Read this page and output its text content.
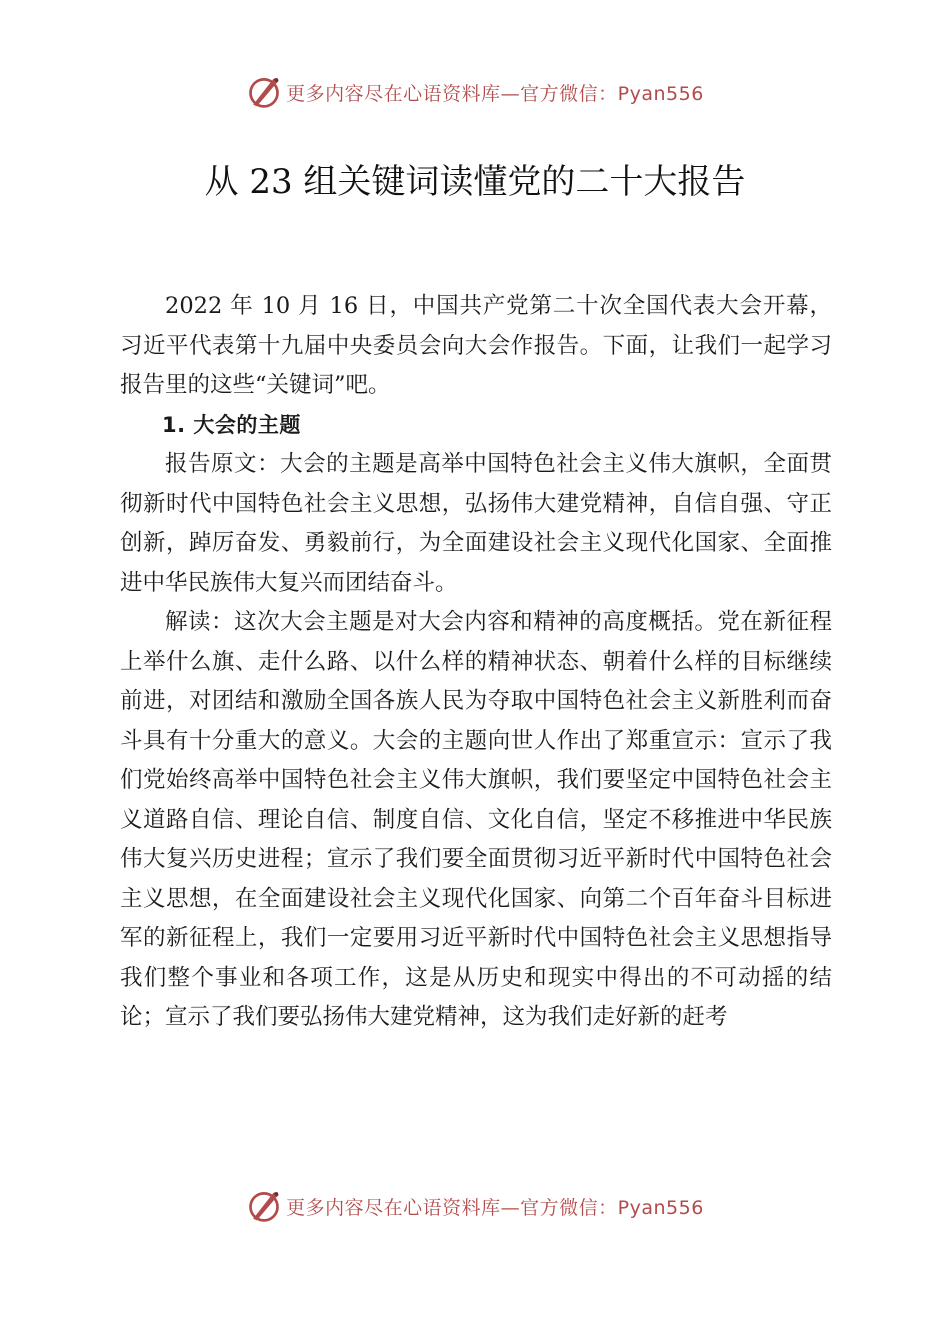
更多内容尽在心语资料库—官方微信：Pyan556
从 23 组关键词读懂党的二十大报告

2022 年 10 月 16 日，中国共产党第二十次全国代表大会开幕，习近平代表第十九届中央委员会向大会作报告。下面，让我们一起学习报告里的这些“关键词”吧。

1. 大会的主题

报告原文：大会的主题是高举中国特色社会主义伟大旗帜，全面贯彻新时代中国特色社会主义思想，弘扬伟大建党精神，自信自强、守正创新，踔厉奋发、勇毅前行，为全面建设社会主义现代化国家、全面推进中华民族伟大复兴而团结奋斗。

解读：这次大会主题是对大会内容和精神的高度概括。党在新征程上举什么旗、走什么路、以什么样的精神状态、朝着什么样的目标继续前进，对团结和激励全国各族人民为夺取中国特色社会主义新胜利而奋斗具有十分重大的意义。大会的主题向世人作出了郑重宣示：宣示了我们党始终高举中国特色社会主义伟大旗帜，我们要坚定中国特色社会主义道路自信、理论自信、制度自信、文化自信，坚定不移推进中华民族伟大复兴历史进程；宣示了我们要全面贯彻习近平新时代中国特色社会主义思想，在全面建设社会主义现代化国家、向第二个百年奋斗目标进军的新征程上，我们一定要用习近平新时代中国特色社会主义思想指导我们整个事业和各项工作，这是从历史和现实中得出的不可动摇的结论；宣示了我们要弘扬伟大建党精神，这为我们走好新的赶考

更多内容尽在心语资料库—官方微信：Pyan556
